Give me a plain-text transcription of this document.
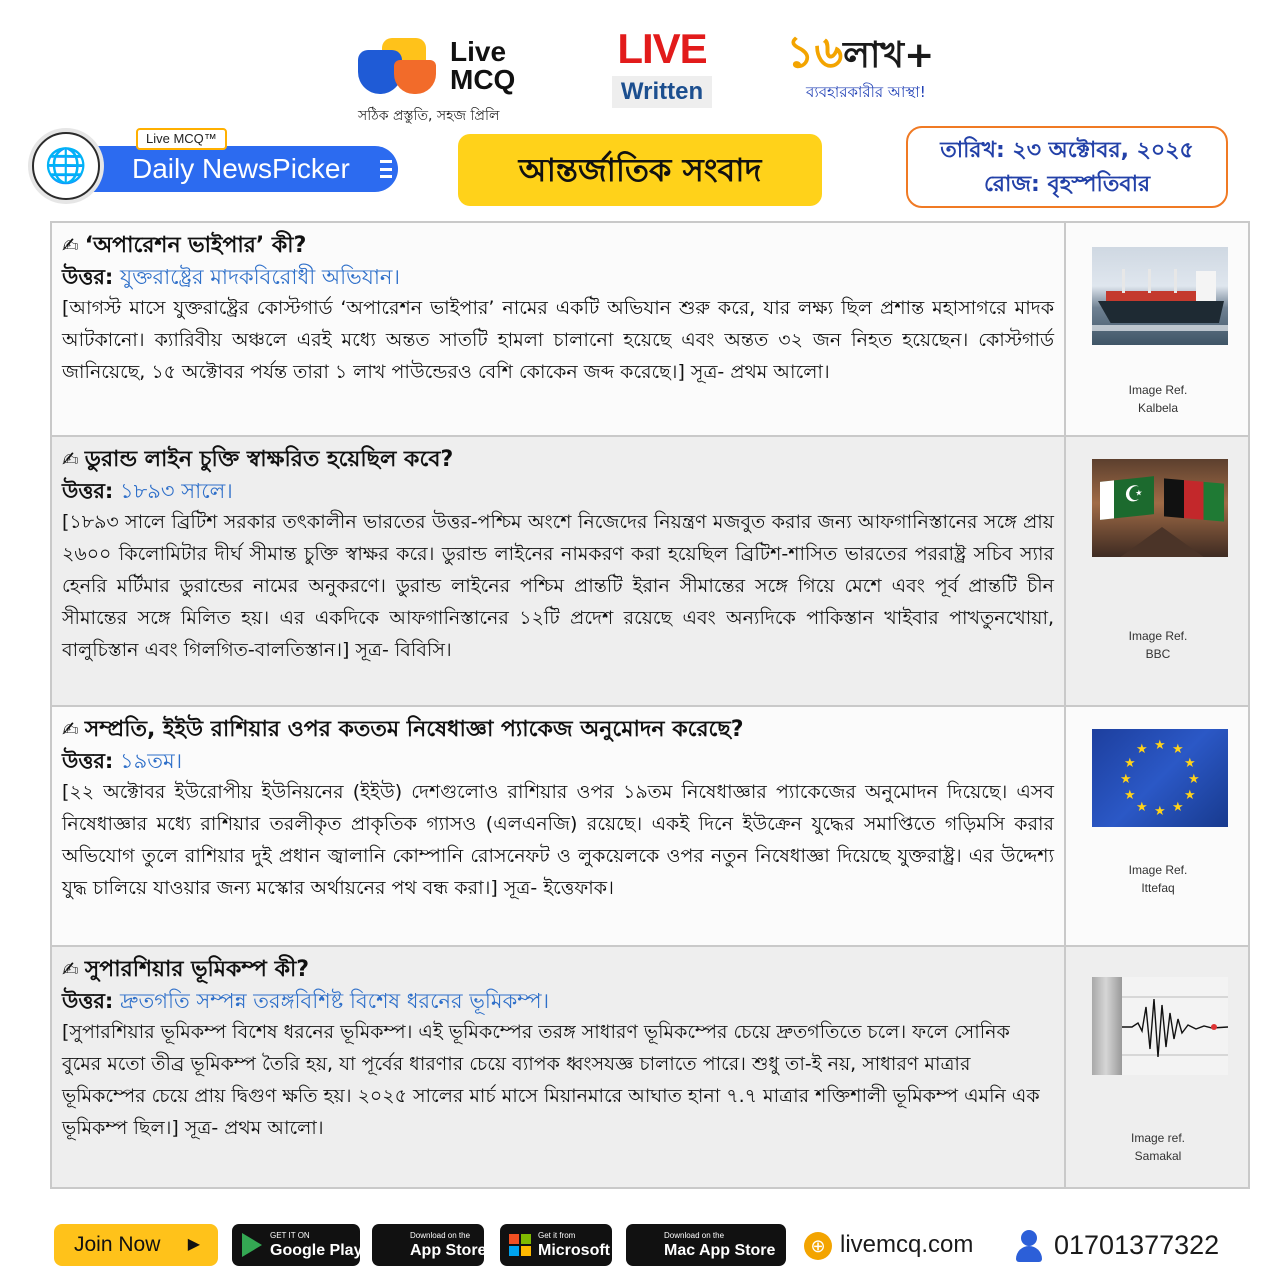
Live
MCQ
সঠিক প্রস্তুতি, সহজ প্রিলি
LIVE
Written
১৬লাখ+
ব্যবহারকারীর আস্থা!
🌐
Live MCQ™
Daily NewsPicker	আন্তর্জাতিক সংবাদ
তারিখ: ২৩ অক্টোবর, ২০২৫
রোজ: বৃহস্পতিবার
✍ ‘অপারেশন ভাইপার’ কী?
উত্তর: যুক্তরাষ্ট্রের মাদকবিরোধী অভিযান।
[আগস্ট মাসে যুক্তরাষ্ট্রের কোস্টগার্ড ‘অপারেশন ভাইপার’ নামের একটি অভিযান শুরু করে, যার লক্ষ্য ছিল প্রশান্ত মহাসাগরে মাদক আটকানো। ক্যারিবীয় অঞ্চলে এরই মধ্যে অন্তত সাতটি হামলা চালানো হয়েছে এবং অন্তত ৩২ জন নিহত হয়েছেন। কোস্টগার্ড জানিয়েছে, ১৫ অক্টোবর পর্যন্ত তারা ১ লাখ পাউন্ডেরও বেশি কোকেন জব্দ করেছে।] সূত্র- প্রথম আলো।
Image Ref.
Kalbela
✍ ডুরান্ড লাইন চুক্তি স্বাক্ষরিত হয়েছিল কবে?
উত্তর: ১৮৯৩ সালে।
[১৮৯৩ সালে ব্রিটিশ সরকার তৎকালীন ভারতের উত্তর-পশ্চিম অংশে নিজেদের নিয়ন্ত্রণ মজবুত করার জন্য আফগানিস্তানের সঙ্গে প্রায় ২৬০০ কিলোমিটার দীর্ঘ সীমান্ত চুক্তি স্বাক্ষর করে। ডুরান্ড লাইনের নামকরণ করা হয়েছিল ব্রিটিশ-শাসিত ভারতের পররাষ্ট্র সচিব স্যার হেনরি মর্টিমার ডুরান্ডের নামের অনুকরণে। ডুরান্ড লাইনের পশ্চিম প্রান্তটি ইরান সীমান্তের সঙ্গে গিয়ে মেশে এবং পূর্ব প্রান্তটি চীন সীমান্তের সঙ্গে মিলিত হয়। এর একদিকে আফগানিস্তানের ১২টি প্রদেশ রয়েছে এবং অন্যদিকে পাকিস্তান খাইবার পাখতুনখোয়া, বালুচিস্তান এবং গিলগিত-বালতিস্তান।] সূত্র- বিবিসি।
☪
Image Ref.
BBC
✍ সম্প্রতি, ইইউ রাশিয়ার ওপর কততম নিষেধাজ্ঞা প্যাকেজ অনুমোদন করেছে?
উত্তর: ১৯তম।
[২২ অক্টোবর ইউরোপীয় ইউনিয়নের (ইইউ) দেশগুলোও রাশিয়ার ওপর ১৯তম নিষেধাজ্ঞার প্যাকেজের অনুমোদন দিয়েছে। এসব নিষেধাজ্ঞার মধ্যে রাশিয়ার তরলীকৃত প্রাকৃতিক গ্যাসও (এলএনজি) রয়েছে। একই দিনে ইউক্রেন যুদ্ধের সমাপ্তিতে গড়িমসি করার অভিযোগ তুলে রাশিয়ার দুই প্রধান জ্বালানি কোম্পানি রোসনেফট ও লুকয়েলকে ওপর নতুন নিষেধাজ্ঞা দিয়েছে যুক্তরাষ্ট্র। এর উদ্দেশ্য যুদ্ধ চালিয়ে যাওয়ার জন্য মস্কোর অর্থায়নের পথ বন্ধ করা।] সূত্র- ইত্তেফাক।
★ ★
★
★
★
★
★
★
★
★
★
★
Image Ref.
Ittefaq
✍ সুপারশিয়ার ভূমিকম্প কী?
উত্তর: দ্রুতগতি সম্পন্ন তরঙ্গবিশিষ্ট বিশেষ ধরনের ভূমিকম্প।
[সুপারশিয়ার ভূমিকম্প বিশেষ ধরনের ভূমিকম্প। এই ভূমিকম্পের তরঙ্গ সাধারণ ভূমিকম্পের চেয়ে দ্রুতগতিতে চলে। ফলে সোনিক বুমের মতো তীব্র ভূমিকম্প তৈরি হয়, যা পূর্বের ধারণার চেয়ে ব্যাপক ধ্বংসযজ্ঞ চালাতে পারে। শুধু তা-ই নয়, সাধারণ মাত্রার ভূমিকম্পের চেয়ে প্রায় দ্বিগুণ ক্ষতি হয়। ২০২৫ সালের মার্চ মাসে মিয়ানমারে আঘাত হানা ৭.৭ মাত্রার শক্তিশালী ভূমিকম্প এমনি এক ভূমিকম্প ছিল।] সূত্র- প্রথম আলো।	Image ref.
Samakal
Join Now ▶
GET IT ON
Google Play
Download on the
App Store
Get it from
Microsoft
Download on the
Mac App Store	⊕ livemcq.com	01701377322
